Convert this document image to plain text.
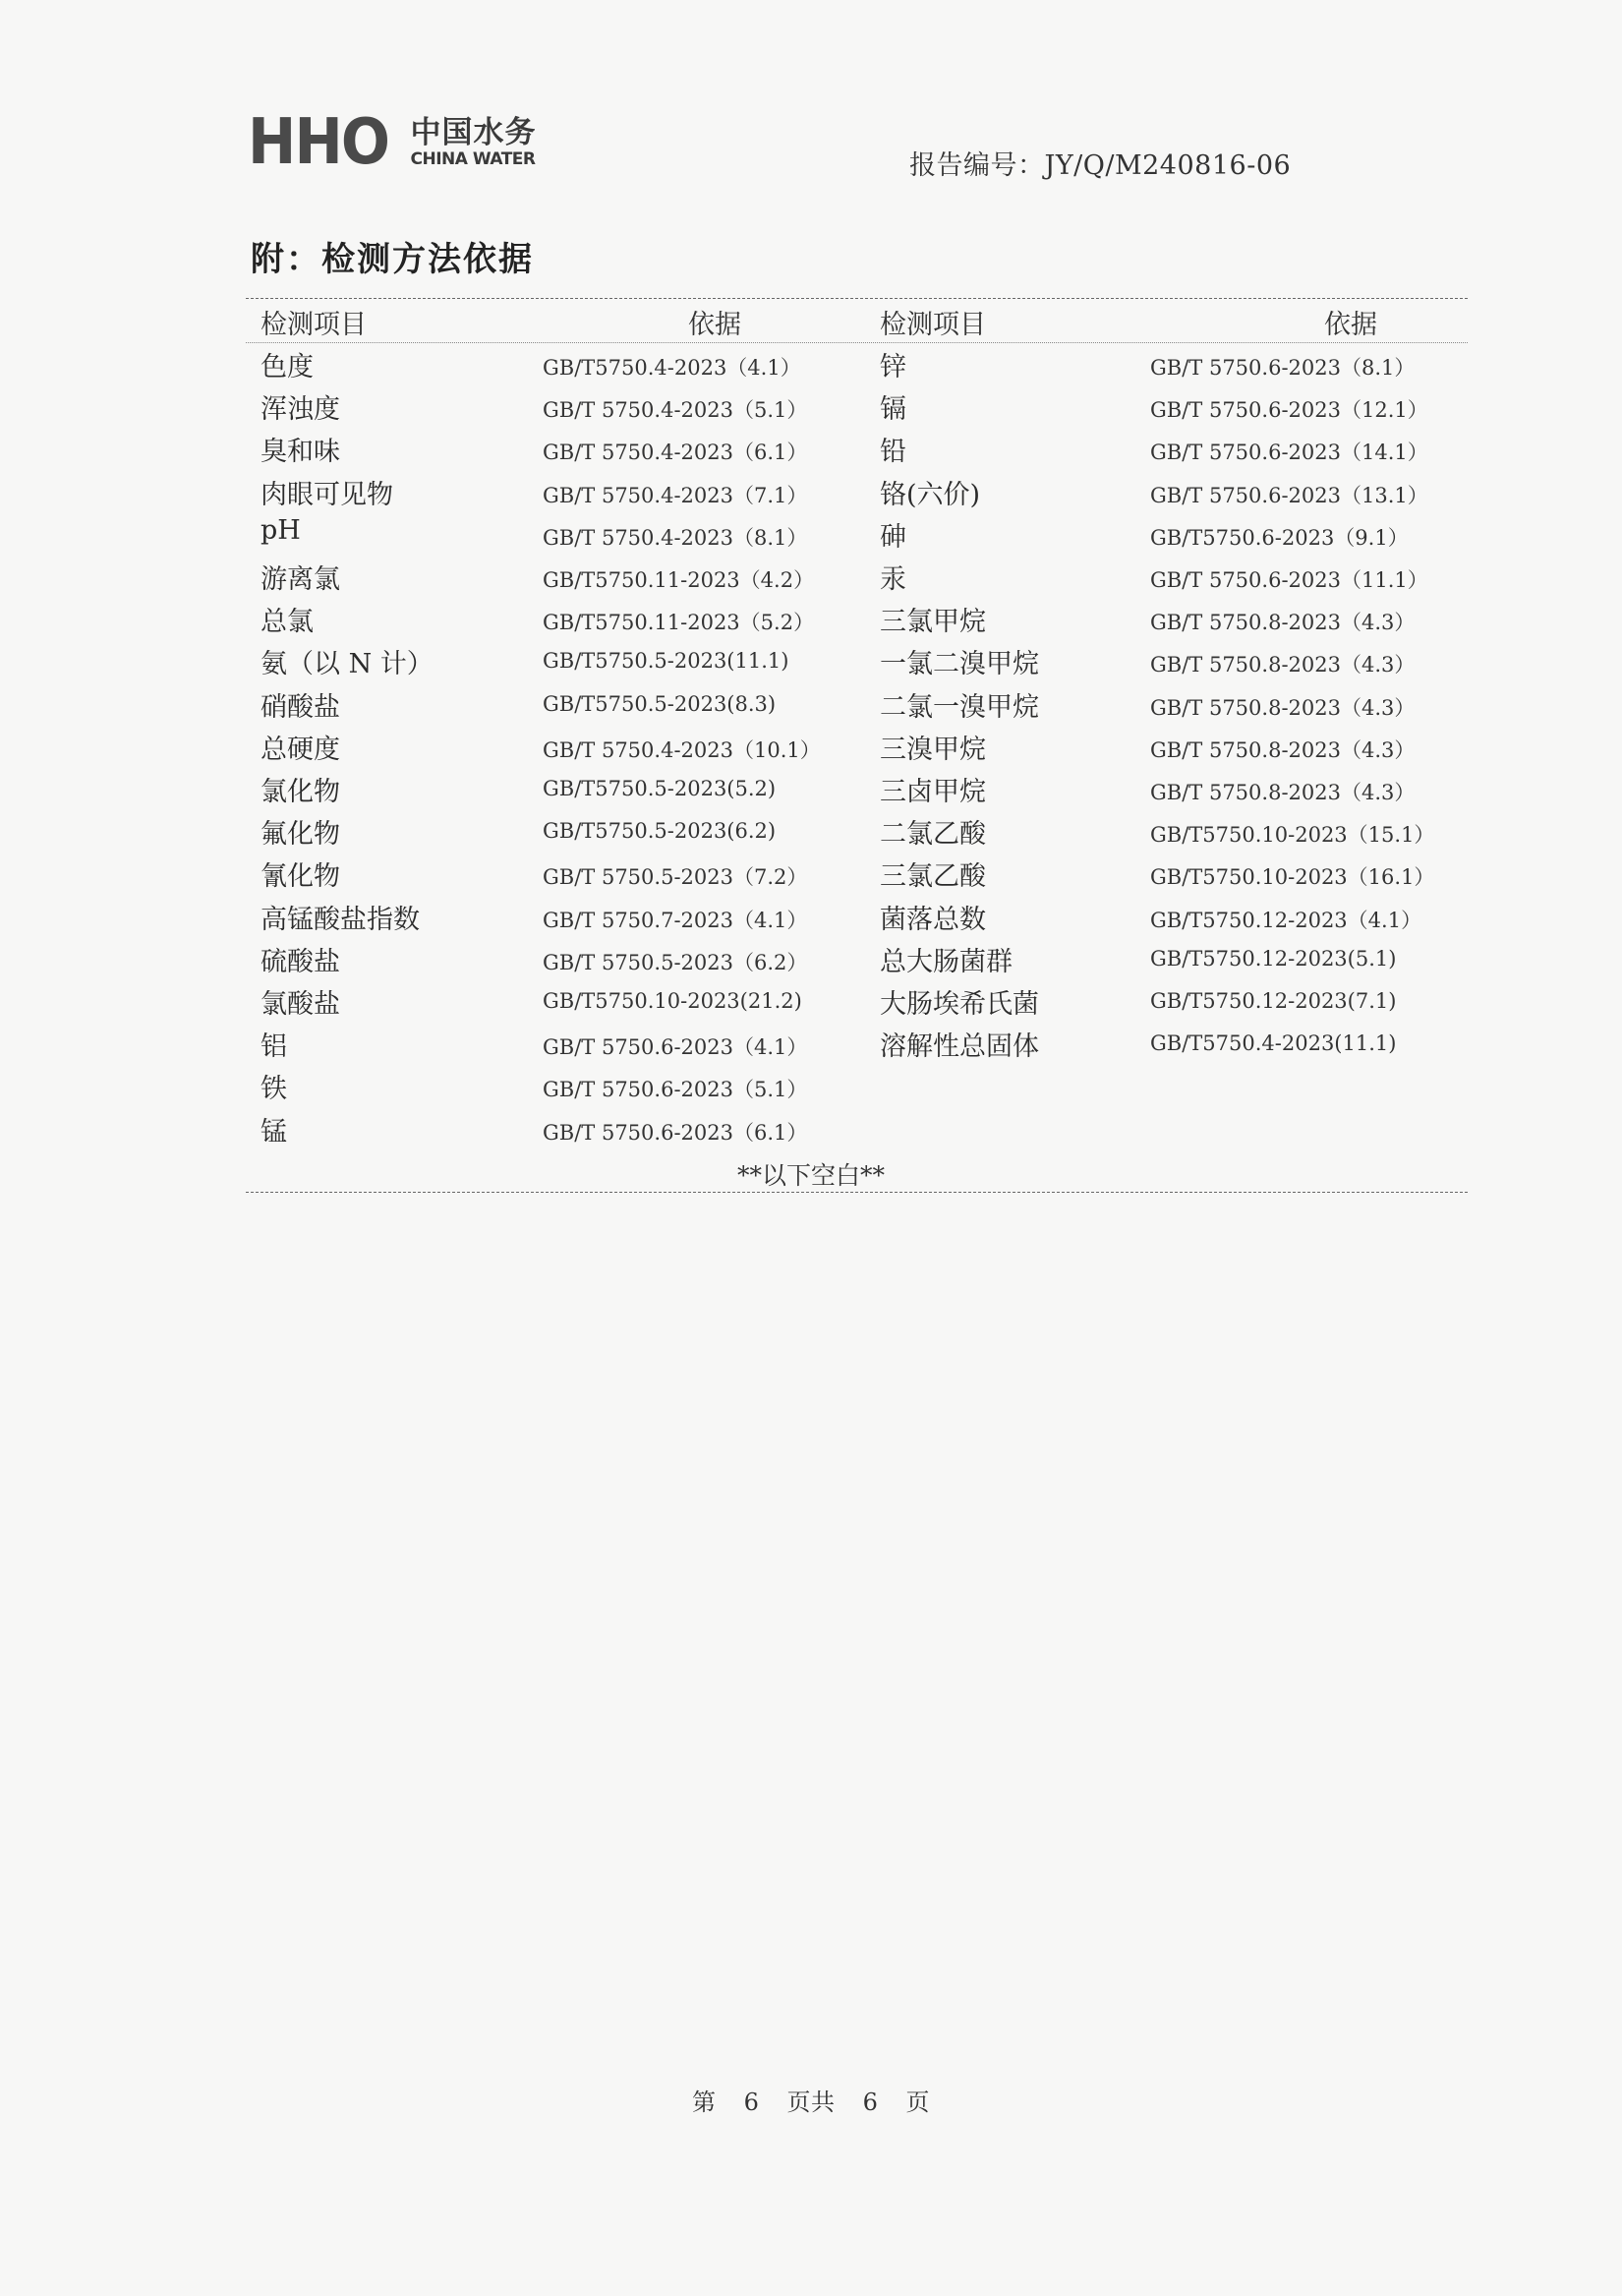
HHO 中国水务
CHINA WATER	报告编号：JY/Q/M240816-06
附：检测方法依据
检测项目	依据	检测项目	依据
色度	GB/T5750.4-2023（4.1）	锌	GB/T 5750.6-2023（8.1）
浑浊度	GB/T 5750.4-2023（5.1）	镉	GB/T 5750.6-2023（12.1）
臭和味	GB/T 5750.4-2023（6.1）	铅	GB/T 5750.6-2023（14.1）
肉眼可见物	GB/T 5750.4-2023（7.1）	铬(六价)	GB/T 5750.6-2023（13.1）
pH	GB/T 5750.4-2023（8.1）	砷	GB/T5750.6-2023（9.1）
游离氯	GB/T5750.11-2023（4.2） 汞	GB/T 5750.6-2023（11.1）
总氯	GB/T5750.11-2023（5.2） 三氯甲烷	GB/T 5750.8-2023（4.3）
氨（以 N 计）	GB/T5750.5-2023(11.1)	一氯二溴甲烷	GB/T 5750.8-2023（4.3）
硝酸盐	GB/T5750.5-2023(8.3)	二氯一溴甲烷	GB/T 5750.8-2023（4.3）
总硬度	GB/T 5750.4-2023（10.1） 三溴甲烷	GB/T 5750.8-2023（4.3）
氯化物	GB/T5750.5-2023(5.2)	三卤甲烷	GB/T 5750.8-2023（4.3）
氟化物	GB/T5750.5-2023(6.2)	二氯乙酸	GB/T5750.10-2023（15.1）
氰化物	GB/T 5750.5-2023（7.2）	三氯乙酸	GB/T5750.10-2023（16.1）
高锰酸盐指数	GB/T 5750.7-2023（4.1）	菌落总数	GB/T5750.12-2023（4.1）
硫酸盐	GB/T 5750.5-2023（6.2）	总大肠菌群	GB/T5750.12-2023(5.1)
氯酸盐	GB/T5750.10-2023(21.2)	大肠埃希氏菌	GB/T5750.12-2023(7.1)
铝	GB/T 5750.6-2023（4.1）	溶解性总固体	GB/T5750.4-2023(11.1)
铁	GB/T 5750.6-2023（5.1）
锰	GB/T 5750.6-2023（6.1）
**以下空白**
第 6 页共 6 页
